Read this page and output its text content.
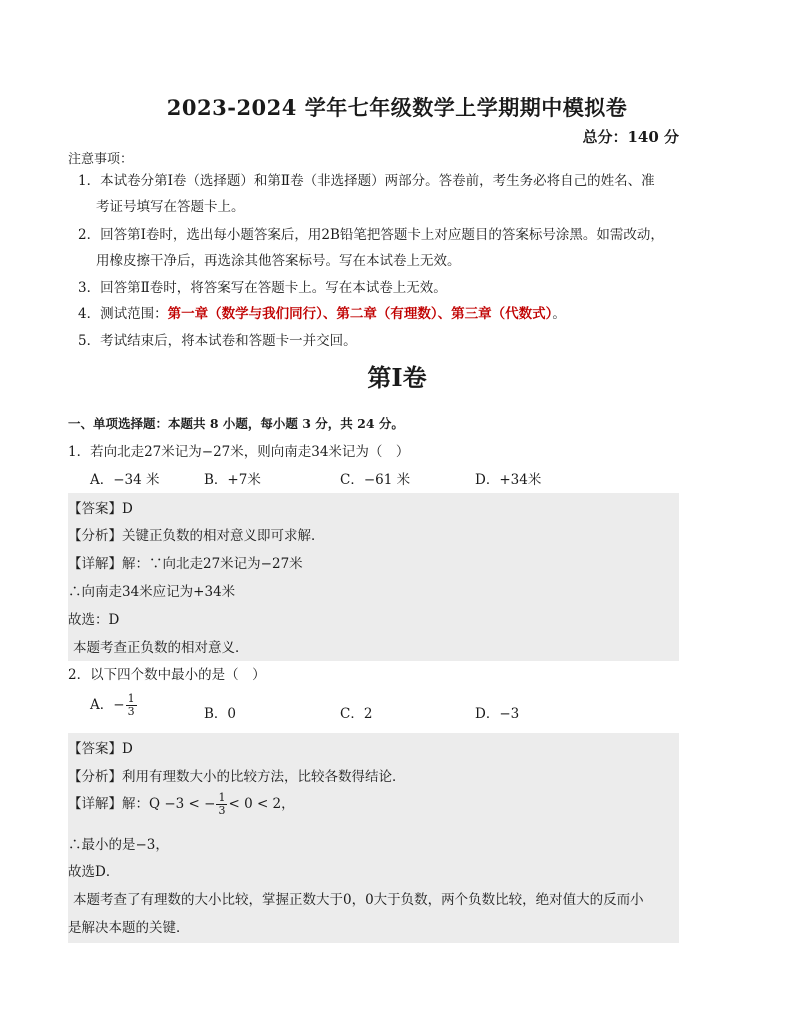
2023-2024 学年七年级数学上学期期中模拟卷
总分：140 分
注意事项：
1．本试卷分第Ⅰ卷（选择题）和第Ⅱ卷（非选择题）两部分。答卷前，考生务必将自己的姓名、准
考证号填写在答题卡上。
2．回答第Ⅰ卷时，选出每小题答案后，用2B铅笔把答题卡上对应题目的答案标号涂黑。如需改动，
用橡皮擦干净后，再选涂其他答案标号。写在本试卷上无效。
3．回答第Ⅱ卷时，将答案写在答题卡上。写在本试卷上无效。
4．测试范围：第一章（数学与我们同行）、第二章（有理数）、第三章（代数式）。
5．考试结束后，将本试卷和答题卡一并交回。
第Ⅰ卷
一、单项选择题：本题共 8 小题，每小题 3 分，共 24 分。
1．若向北走27米记为−27米，则向南走34米记为（　）
A．−34 米	B．+7米	C．−61 米	D．+34米
【答案】D
【分析】关键正负数的相对意义即可求解．
【详解】解：∵向北走27米记为−27米
∴向南走34米应记为+34米
故选：D
本题考查正负数的相对意义．
2．以下四个数中最小的是（　）
A．− $\frac{1}{3}$	B．0	C．2	D．−3
【答案】D
【分析】利用有理数大小的比较方法，比较各数得结论．
【详解】解：Q −3 < − $\frac{1}{3} < 0 < 2$，
∴最小的是−3，
故选D．
本题考查了有理数的大小比较，掌握正数大于0，0大于负数，两个负数比较，绝对值大的反而小
是解决本题的关键．
